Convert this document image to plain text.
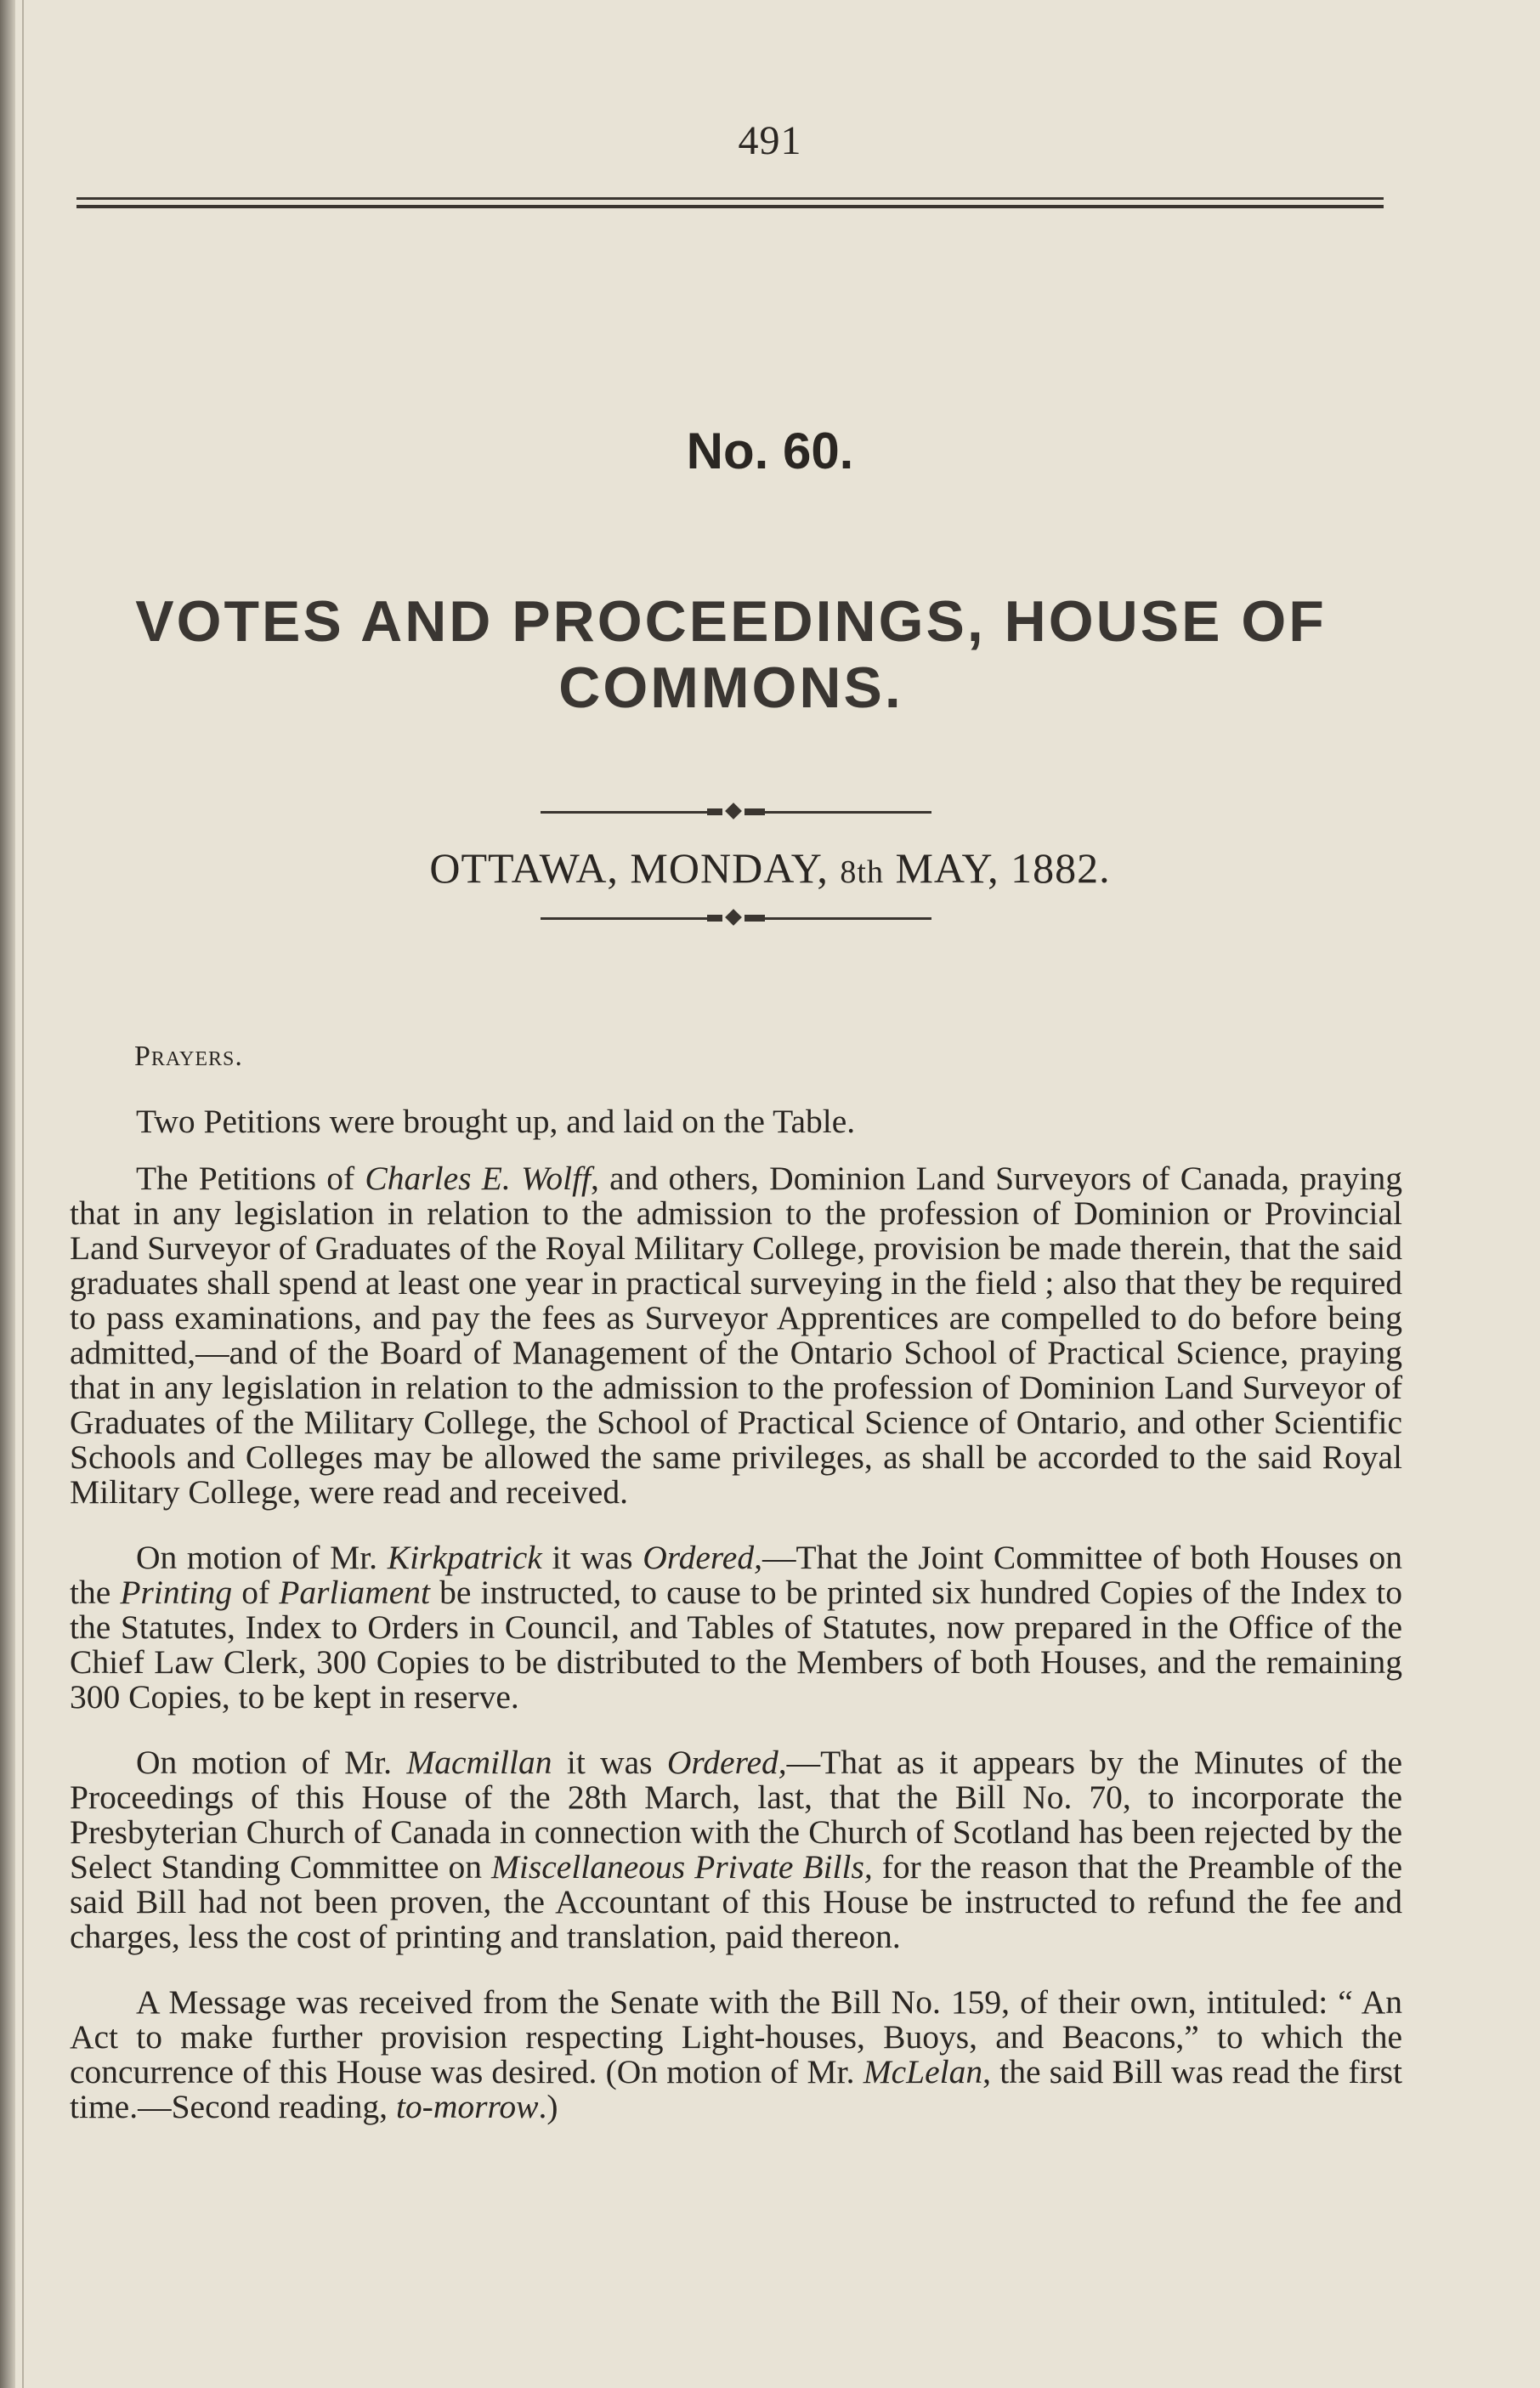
491
No. 60.
VOTES AND PROCEEDINGS, HOUSE OF COMMONS.
OTTAWA, MONDAY, 8th MAY, 1882.
Prayers.

Two Petitions were brought up, and laid on the Table.

The Petitions of Charles E. Wolff, and others, Dominion Land Surveyors of Canada, praying that in any legislation in relation to the admission to the profession of Dominion or Provincial Land Surveyor of Graduates of the Royal Military College, provision be made therein, that the said graduates shall spend at least one year in practical surveying in the field ; also that they be required to pass examinations, and pay the fees as Surveyor Apprentices are compelled to do before being admitted,—and of the Board of Management of the Ontario School of Practical Science, praying that in any legislation in relation to the admission to the profession of Dominion Land Surveyor of Graduates of the Military College, the School of Practical Science of Ontario, and other Scientific Schools and Colleges may be allowed the same privileges, as shall be accorded to the said Royal Military College, were read and received.

On motion of Mr. Kirkpatrick it was Ordered,—That the Joint Committee of both Houses on the Printing of Parliament be instructed, to cause to be printed six hundred Copies of the Index to the Statutes, Index to Orders in Council, and Tables of Statutes, now prepared in the Office of the Chief Law Clerk, 300 Copies to be distributed to the Members of both Houses, and the remaining 300 Copies, to be kept in reserve.

On motion of Mr. Macmillan it was Ordered,—That as it appears by the Minutes of the Proceedings of this House of the 28th March, last, that the Bill No. 70, to incorporate the Presbyterian Church of Canada in connection with the Church of Scotland has been rejected by the Select Standing Committee on Miscellaneous Private Bills, for the reason that the Preamble of the said Bill had not been proven, the Accountant of this House be instructed to refund the fee and charges, less the cost of printing and translation, paid thereon.

A Message was received from the Senate with the Bill No. 159, of their own, intituled: “ An Act to make further provision respecting Light-houses, Buoys, and Beacons,” to which the concurrence of this House was desired. (On motion of Mr. McLelan, the said Bill was read the first time.—Second reading, to-morrow.)
